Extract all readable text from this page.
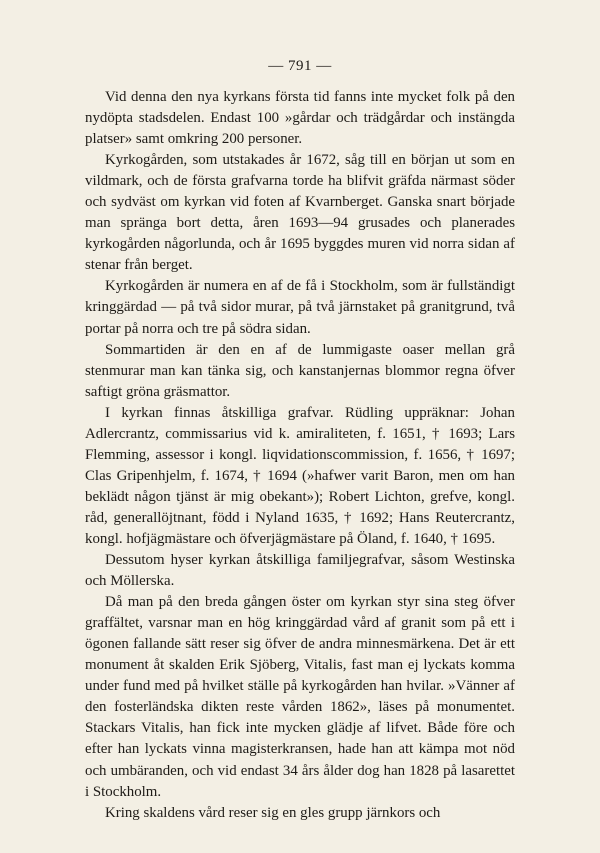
— 791 —

Vid denna den nya kyrkans första tid fanns inte mycket folk på den nydöpta stadsdelen. Endast 100 »gårdar och trädgårdar och instängda platser» samt omkring 200 personer.

Kyrkogården, som utstakades år 1672, såg till en början ut som en vildmark, och de första grafvarna torde ha blifvit gräfda närmast söder och sydväst om kyrkan vid foten af Kvarnberget. Ganska snart började man spränga bort detta, åren 1693—94 grusades och planerades kyrkogården någorlunda, och år 1695 byggdes muren vid norra sidan af stenar från berget.

Kyrkogården är numera en af de få i Stockholm, som är fullständigt kringgärdad — på två sidor murar, på två järnstaket på granitgrund, två portar på norra och tre på södra sidan.

Sommartiden är den en af de lummigaste oaser mellan grå stenmurar man kan tänka sig, och kanstanjernas blommor regna öfver saftigt gröna gräsmattor.

I kyrkan finnas åtskilliga grafvar. Rüdling uppräknar: Johan Adlercrantz, commissarius vid k. amiraliteten, f. 1651, † 1693; Lars Flemming, assessor i kongl. liqvidationscommission, f. 1656, † 1697; Clas Gripenhjelm, f. 1674, † 1694 (»hafwer varit Baron, men om han beklädt någon tjänst är mig obekant»); Robert Lichton, grefve, kongl. råd, generallöjtnant, född i Nyland 1635, † 1692; Hans Reutercrantz, kongl. hofjägmästare och öfverjägmästare på Öland, f. 1640, † 1695.

Dessutom hyser kyrkan åtskilliga familjegrafvar, såsom Westinska och Möllerska.

Då man på den breda gången öster om kyrkan styr sina steg öfver graffältet, varsnar man en hög kringgärdad vård af granit som på ett i ögonen fallande sätt reser sig öfver de andra minnesmärkena. Det är ett monument åt skalden Erik Sjöberg, Vitalis, fast man ej lyckats komma under fund med på hvilket ställe på kyrkogården han hvilar. »Vänner af den fosterländska dikten reste vården 1862», läses på monumentet. Stackars Vitalis, han fick inte mycken glädje af lifvet. Både före och efter han lyckats vinna magisterkransen, hade han att kämpa mot nöd och umbäranden, och vid endast 34 års ålder dog han 1828 på lasarettet i Stockholm.

Kring skaldens vård reser sig en gles grupp järnkors och
